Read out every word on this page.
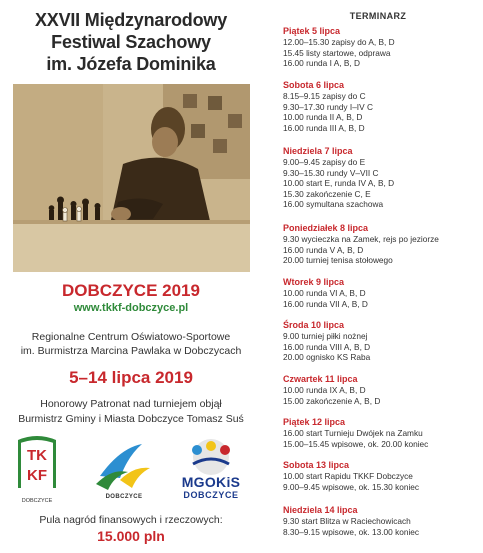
XXVII Międzynarodowy
Festiwal Szachowy
im. Józefa Dominika
DOBCZYCE 2019
www.tkkf-dobczyce.pl
Regionalne Centrum Oświatowo-Sportowe
im. Burmistrza Marcina Pawlaka w Dobczycach
5–14 lipca 2019
Honorowy Patronat nad turniejem objął
Burmistrz Gminy i Miasta Dobczyce Tomasz Suś
TK
KF
DOBCZYCE
DOBCZYCE
MGOKiS
DOBCZYCE
Pula nagród finansowych i rzeczowych:
15.000 pln
TERMINARZ
Piątek 5 lipca
12.00–15.30 zapisy do A, B, D
15.45 listy startowe, odprawa
16.00 runda I A, B, D
Sobota 6 lipca
8.15–9.15 zapisy do C
9.30–17.30 rundy I–IV C
10.00 runda II A, B, D
16.00 runda III A, B, D
Niedziela 7 lipca
9.00–9.45 zapisy do E
9.30–15.30 rundy V–VII C
10.00 start E, runda IV A, B, D
15.30 zakończenie C, E
16.00 symultana szachowa
Poniedziałek 8 lipca
9.30 wycieczka na Zamek, rejs po jeziorze
16.00 runda V A, B, D
20.00 turniej tenisa stołowego
Wtorek 9 lipca
10.00 runda VI A, B, D
16.00 runda VII A, B, D
Środa 10 lipca
9.00 turniej piłki nożnej
16.00 runda VIII A, B, D
20.00 ognisko KS Raba
Czwartek 11 lipca
10.00 runda IX A, B, D
15.00 zakończenie A, B, D
Piątek 12 lipca
16.00 start Turnieju Dwójek na Zamku
15.00–15.45 wpisowe, ok. 20.00 koniec
Sobota 13 lipca
10.00 start Rapidu TKKF Dobczyce
9.00–9.45 wpisowe, ok. 15.30 koniec
Niedziela 14 lipca
9.30 start Blitza w Raciechowicach
8.30–9.15 wpisowe, ok. 13.00 koniec
